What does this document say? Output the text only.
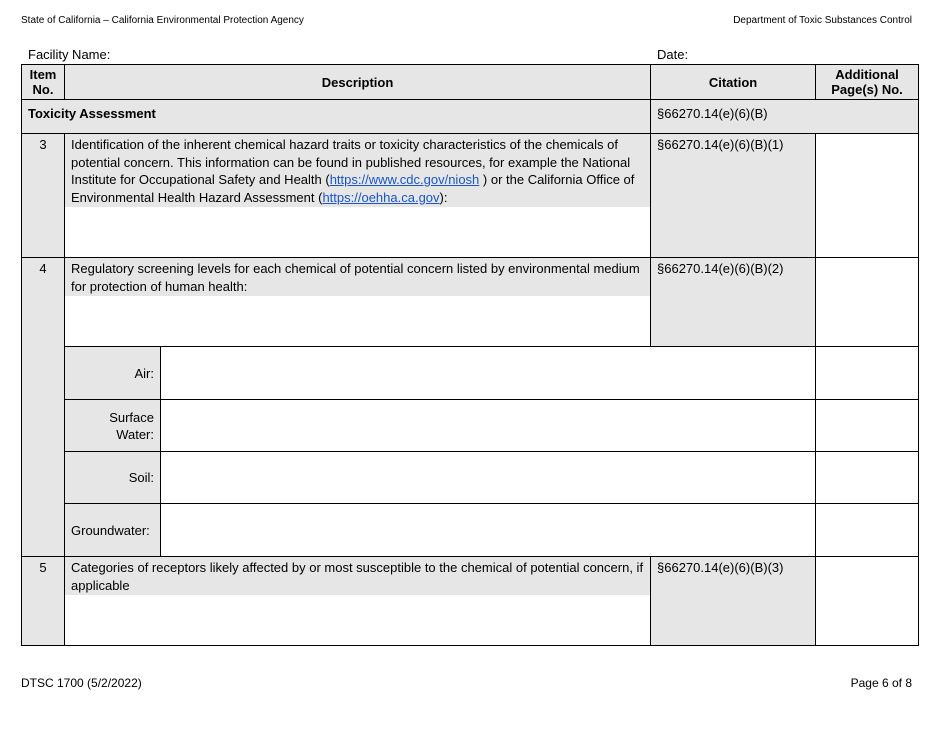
State of California – California Environmental Protection Agency	Department of Toxic Substances Control
Facility Name:	Date:
Item No.	Description		Citation	Additional Page(s) No.
Toxicity Assessment			§66270.14(e)(6)(B)	
3	Identification of the inherent chemical hazard traits or toxicity characteristics of the chemicals of potential concern. This information can be found in published resources, for example the National Institute for Occupational Safety and Health (https://www.cdc.gov/niosh ) or the California Office of Environmental Health Hazard Assessment (https://oehha.ca.gov):		§66270.14(e)(6)(B)(1)	
4	Regulatory screening levels for each chemical of potential concern listed by environmental medium for protection of human health:		§66270.14(e)(6)(B)(2)	
	Air:			

	Surface Water:			

	Soil:			
	Groundwater:			
5	Categories of receptors likely affected by or most susceptible to the chemical of potential concern, if applicable		§66270.14(e)(6)(B)(3)	
DTSC 1700 (5/2/2022)	Page 6 of 8
